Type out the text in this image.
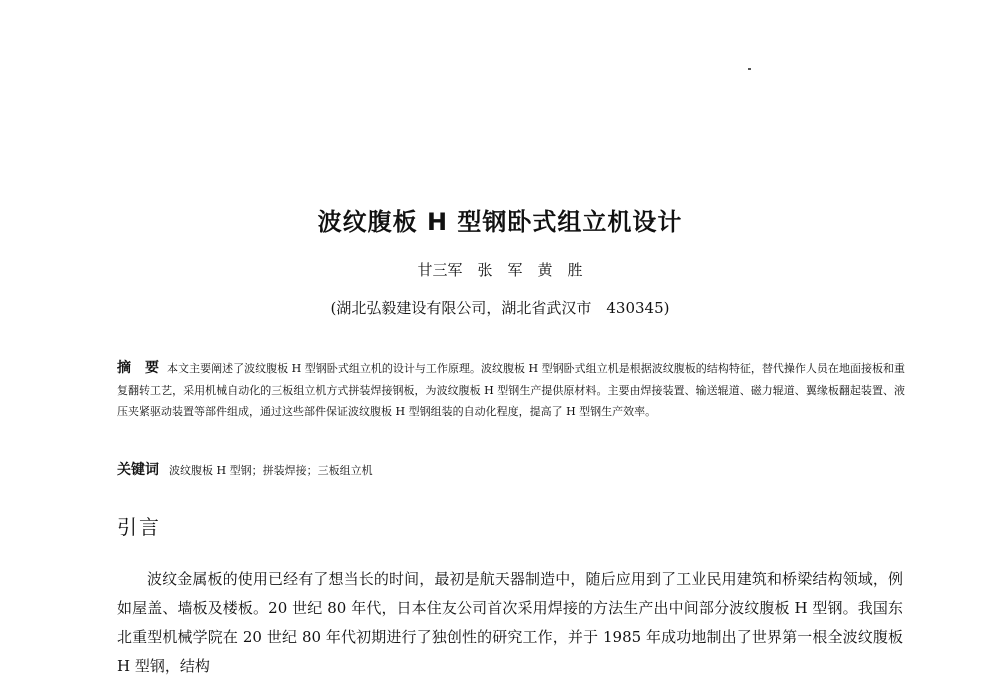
波纹腹板 H 型钢卧式组立机设计
甘三军　张　军　黄　胜
(湖北弘毅建设有限公司，湖北省武汉市　430345)
摘　要 本文主要阐述了波纹腹板 H 型钢卧式组立机的设计与工作原理。波纹腹板 H 型钢卧式组立机是根据波纹腹板的结构特征，替代操作人员在地面接板和重复翻转工艺，采用机械自动化的三板组立机方式拼装焊接钢板，为波纹腹板 H 型钢生产提供原材料。主要由焊接装置、输送辊道、磁力辊道、翼缘板翻起装置、液压夹紧驱动装置等部件组成，通过这些部件保证波纹腹板 H 型钢组装的自动化程度，提高了 H 型钢生产效率。
关键词 波纹腹板 H 型钢；拼装焊接；三板组立机
引言
波纹金属板的使用已经有了想当长的时间，最初是航天器制造中，随后应用到了工业民用建筑和桥梁结构领域，例如屋盖、墙板及楼板。20 世纪 80 年代，日本住友公司首次采用焊接的方法生产出中间部分波纹腹板 H 型钢。我国东北重型机械学院在 20 世纪 80 年代初期进行了独创性的研究工作，并于 1985 年成功地制出了世界第一根全波纹腹板 H 型钢，结构
